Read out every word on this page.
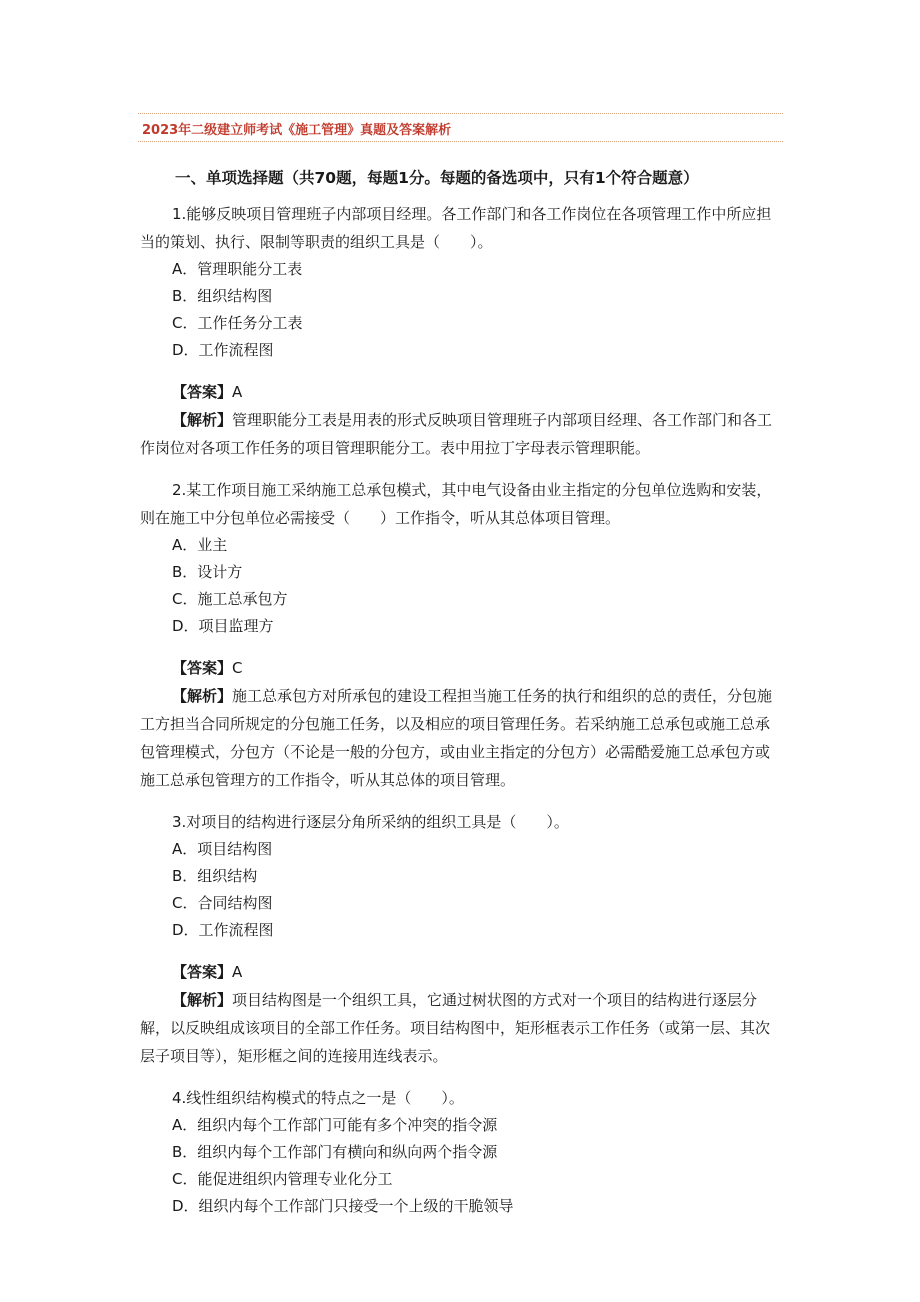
2023年二级建立师考试《施工管理》真题及答案解析
一、单项选择题（共70题，每题1分。每题的备选项中，只有1个符合题意）

1.能够反映项目管理班子内部项目经理。各工作部门和各工作岗位在各项管理工作中所应担当的策划、执行、限制等职责的组织工具是（　　）。

A．管理职能分工表

B．组织结构图

C．工作任务分工表

D．工作流程图

【答案】A

【解析】管理职能分工表是用表的形式反映项目管理班子内部项目经理、各工作部门和各工作岗位对各项工作任务的项目管理职能分工。表中用拉丁字母表示管理职能。

2.某工作项目施工采纳施工总承包模式，其中电气设备由业主指定的分包单位选购和安装，则在施工中分包单位必需接受（　　）工作指令，听从其总体项目管理。

A．业主

B．设计方

C．施工总承包方

D．项目监理方

【答案】C

【解析】施工总承包方对所承包的建设工程担当施工任务的执行和组织的总的责任，分包施工方担当合同所规定的分包施工任务，以及相应的项目管理任务。若采纳施工总承包或施工总承包管理模式，分包方（不论是一般的分包方，或由业主指定的分包方）必需酷爱施工总承包方或施工总承包管理方的工作指令，听从其总体的项目管理。

3.对项目的结构进行逐层分角所采纳的组织工具是（　　）。

A．项目结构图

B．组织结构

C．合同结构图

D．工作流程图

【答案】A

【解析】项目结构图是一个组织工具，它通过树状图的方式对一个项目的结构进行逐层分解，以反映组成该项目的全部工作任务。项目结构图中，矩形框表示工作任务（或第一层、其次层子项目等），矩形框之间的连接用连线表示。

4.线性组织结构模式的特点之一是（　　）。

A．组织内每个工作部门可能有多个冲突的指令源

B．组织内每个工作部门有横向和纵向两个指令源

C．能促进组织内管理专业化分工

D．组织内每个工作部门只接受一个上级的干脆领导
